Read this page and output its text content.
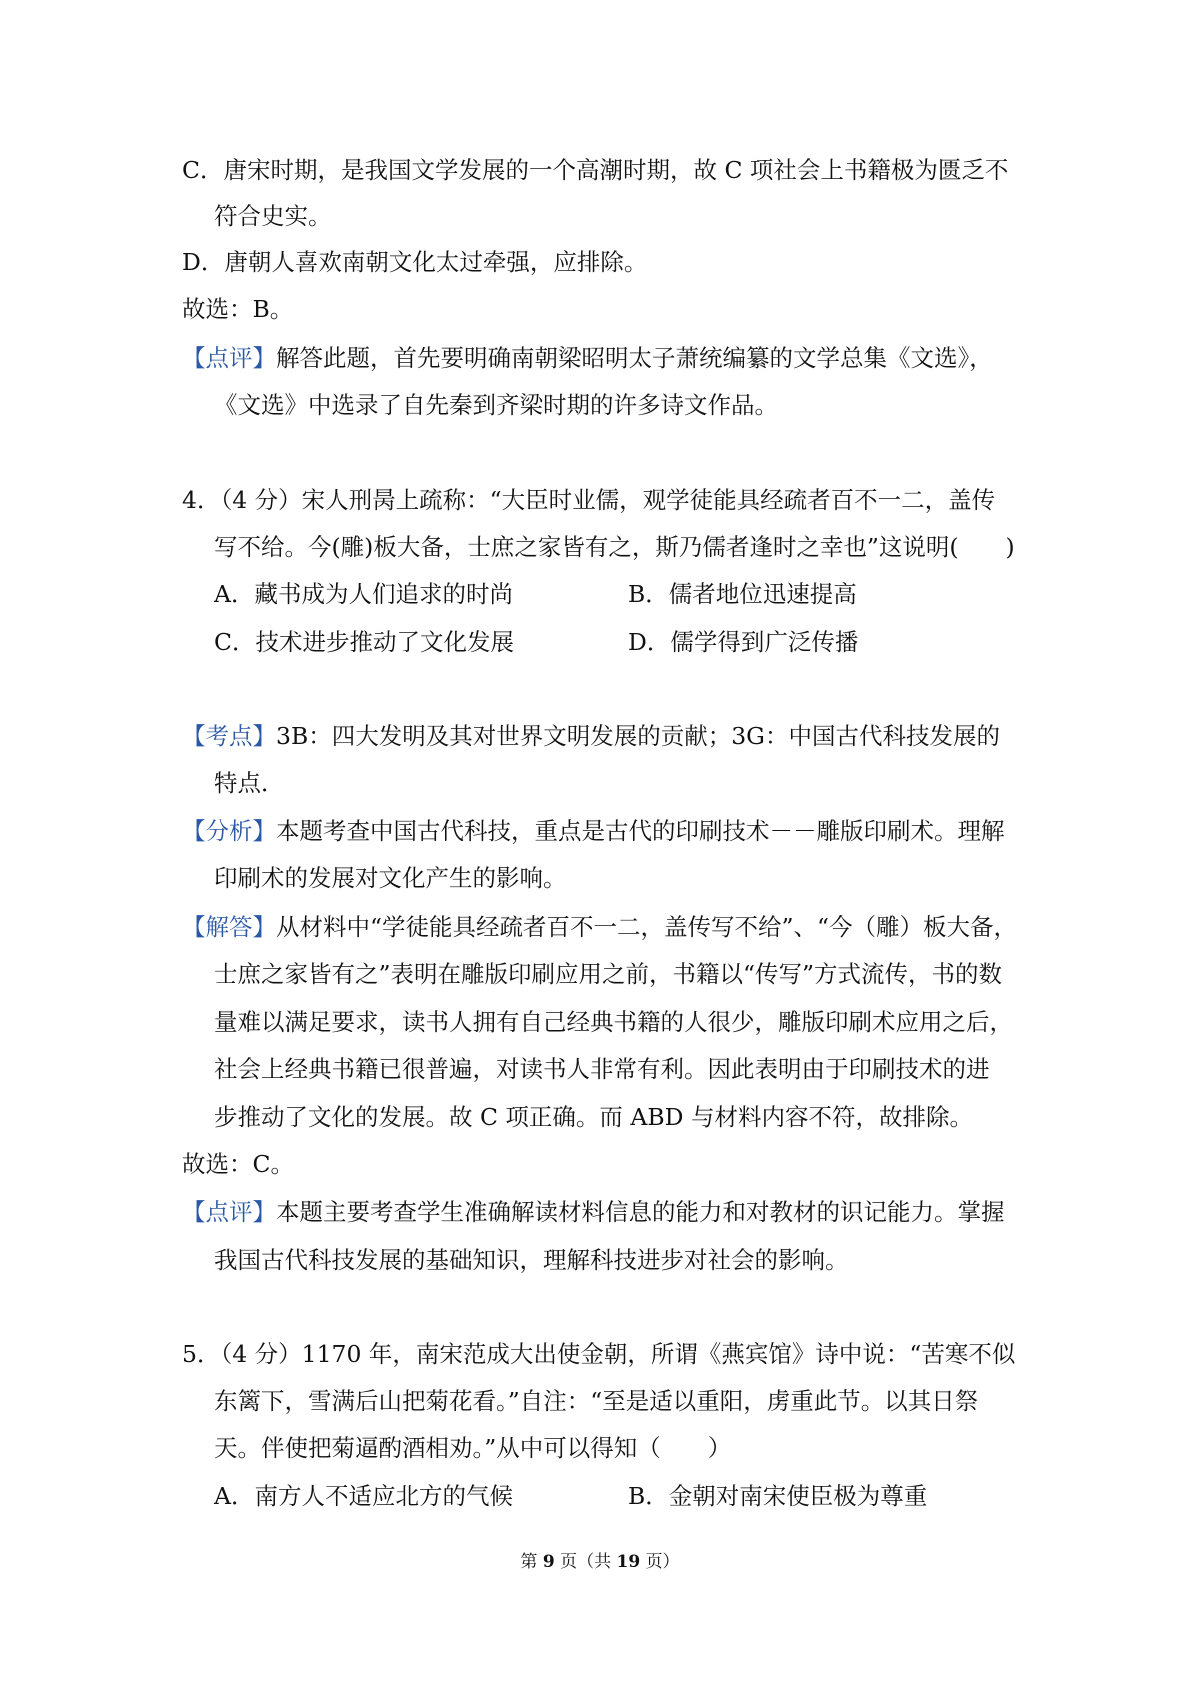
C．唐宋时期，是我国文学发展的一个高潮时期，故 C 项社会上书籍极为匮乏不
符合史实。
D．唐朝人喜欢南朝文化太过牵强，应排除。
故选：B。
【点评】解答此题，首先要明确南朝梁昭明太子萧统编纂的文学总集《文选》，
《文选》中选录了自先秦到齐梁时期的许多诗文作品。
4．（4 分）宋人刑昺上疏称：“大臣时业儒，观学徒能具经疏者百不一二，盖传
写不给。今(雕)板大备，士庶之家皆有之，斯乃儒者逢时之幸也”这说明(　　)
A．藏书成为人们追求的时尚	B．儒者地位迅速提高
C．技术进步推动了文化发展	D．儒学得到广泛传播
【考点】3B：四大发明及其对世界文明发展的贡献；3G：中国古代科技发展的
特点．
【分析】本题考查中国古代科技，重点是古代的印刷技术－－雕版印刷术。理解
印刷术的发展对文化产生的影响。
【解答】从材料中“学徒能具经疏者百不一二，盖传写不给”、“今（雕）板大备，
士庶之家皆有之”表明在雕版印刷应用之前，书籍以“传写”方式流传，书的数
量难以满足要求，读书人拥有自己经典书籍的人很少，雕版印刷术应用之后，
社会上经典书籍已很普遍，对读书人非常有利。因此表明由于印刷技术的进
步推动了文化的发展。故 C 项正确。而 ABD 与材料内容不符，故排除。
故选：C。
【点评】本题主要考查学生准确解读材料信息的能力和对教材的识记能力。掌握
我国古代科技发展的基础知识，理解科技进步对社会的影响。
5．（4 分）1170 年，南宋范成大出使金朝，所谓《燕宾馆》诗中说：“苦寒不似
东篱下，雪满后山把菊花看。”自注：“至是适以重阳，虏重此节。以其日祭
天。伴使把菊逼酌酒相劝。”从中可以得知（　　）
A．南方人不适应北方的气候	B．金朝对南宋使臣极为尊重
第 9 页（共 19 页）
